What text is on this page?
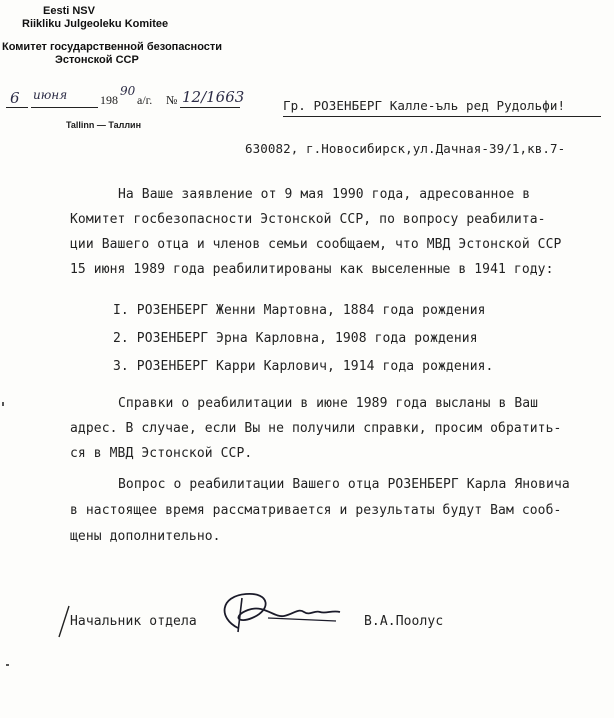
Eesti NSV
Riikliku Julgeoleku Komitee
Комитет государственной безопасности
Эстонской ССР
6 июня	198
90
а/г. № 12/1663
Tallinn — Таллин
Гр. РОЗЕНБЕРГ Калле-ъль ред Рудольфи!
630082, г.Новосибирск,ул.Дачная-39/1,кв.7-
На Ваше заявление от 9 мая 1990 года, адресованное в
Комитет госбезопасности Эстонской ССР, по вопросу реабилита-
ции Вашего отца и членов семьи сообщаем, что МВД Эстонской ССР
15 июня 1989 года реабилитированы как выселенные в 1941 году:
I. РОЗЕНБЕРГ Женни Мартовна, 1884 года рождения
2. РОЗЕНБЕРГ Эрна Карловна, 1908 года рождения
3. РОЗЕНБЕРГ Карри Карлович, 1914 года рождения.
Справки о реабилитации в июне 1989 года высланы в Ваш
адрес. В случае, если Вы не получили справки, просим обратить-
ся в МВД Эстонской ССР.
Вопрос о реабилитации Вашего отца РОЗЕНБЕРГ Карла Яновича
в настоящее время рассматривается и результаты будут Вам сооб-
щены дополнительно.
Начальник отдела	В.А.Поолус
